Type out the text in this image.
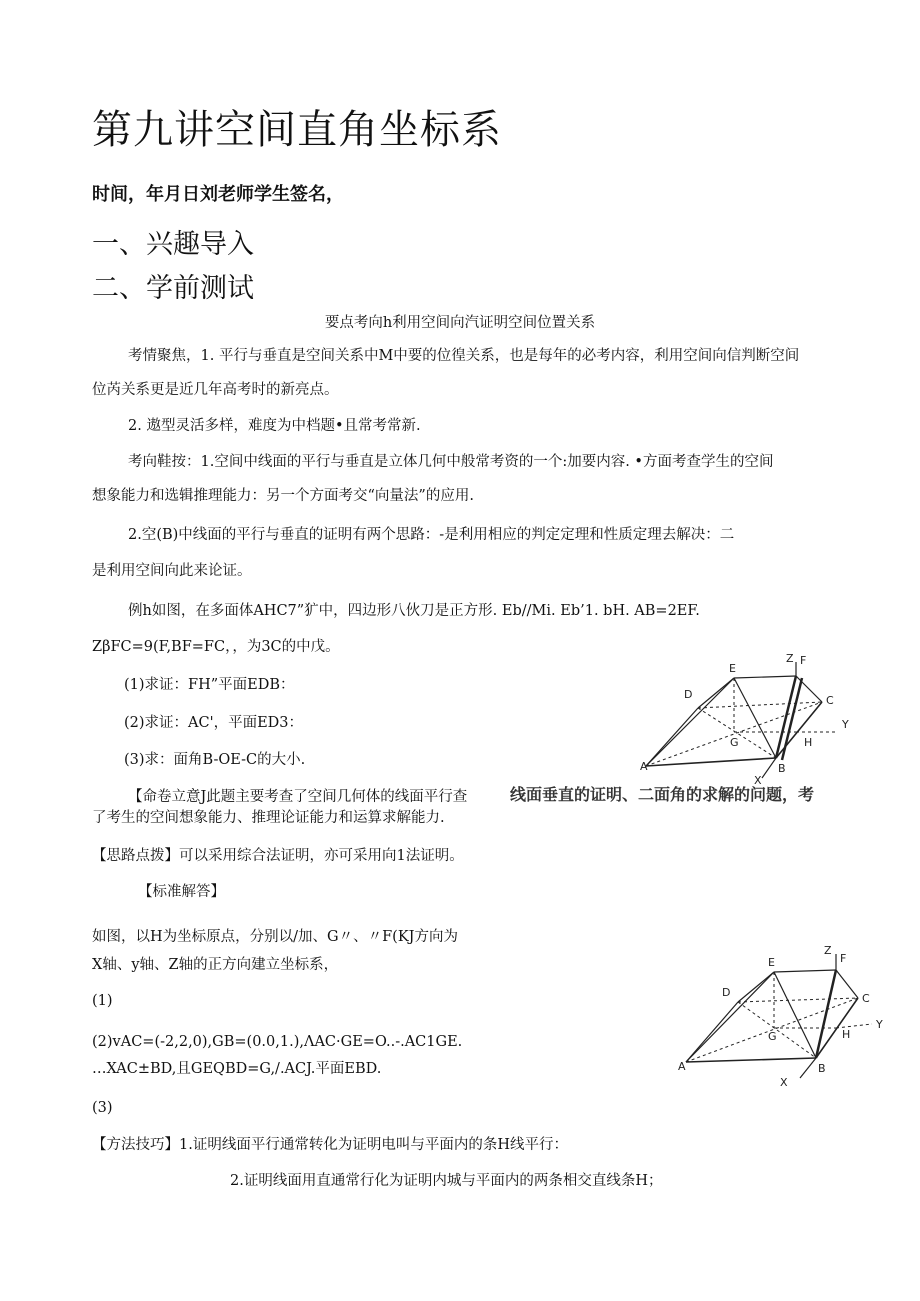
第九讲空间直角坐标系
时间，年月日刘老师学生签名，
一、兴趣导入
二、学前测试
要点考向h利用空间向汽证明空间位置关系
考情聚焦，1. 平行与垂直是空间关系中M中要的位徨关系，也是每年的必考内容，利用空间向信判断空间
位芮关系更是近几年高考时的新亮点。
2. 遨型灵活多样，难度为中档题•且常考常新.
考向鞋按：1.空间中线面的平行与垂直是立体几何中般常考资的一个:加要内容. •方面考查学生的空间
想象能力和选辑推理能力：另一个方面考交“向量法”的应用.
2.空(B)中线面的平行与垂直的证明有两个思路：-是利用相应的判定定理和性质定理去解决：二
是利用空间向此来论证。
例h如图，在多面体AHC7”犷中，四边形八伙刀是正方形. Eb//Mi. Eb’1. bH. AB=2EF.
ZβFC=9(F,BF=FC，，为3C的中戊。
(1)求证：FH”平面EDB：
(2)求证：AC'，平面ED3：
(3)求：面角B-OE-C的大小.
【命卷立意J此题主要考查了空间几何体的线面平行查
了考生的空间想象能力、推理论证能力和运算求解能力.
线面垂直的证明、二面角的求解的问题，考
【思路点拨】可以采用综合法证明，亦可采用向1法证明。
【标准解答】
如图，以H为坐标原点，分别以/加、G〃、〃F(KJ方向为
X轴、y轴、Z轴的正方向建立坐标系，
(1)
(2)vAC=(-2,2,0),GB=(0.0,1.),ΛAC·GE=O..-.AC1GE.
…XAC±BD,且GEQBD=G,/.ACJ.平面EBD.
(3)
【方法技巧】1.证明线面平行通常转化为证明电叫与平面内的条H线平行：
2.证明线面用直通常行化为证明内城与平面内的两条相交直线条H；
E
Z F
D	C
Y
G	H
A	B
X
E
Z
F
D	C
Y
G	H
A	B
X
